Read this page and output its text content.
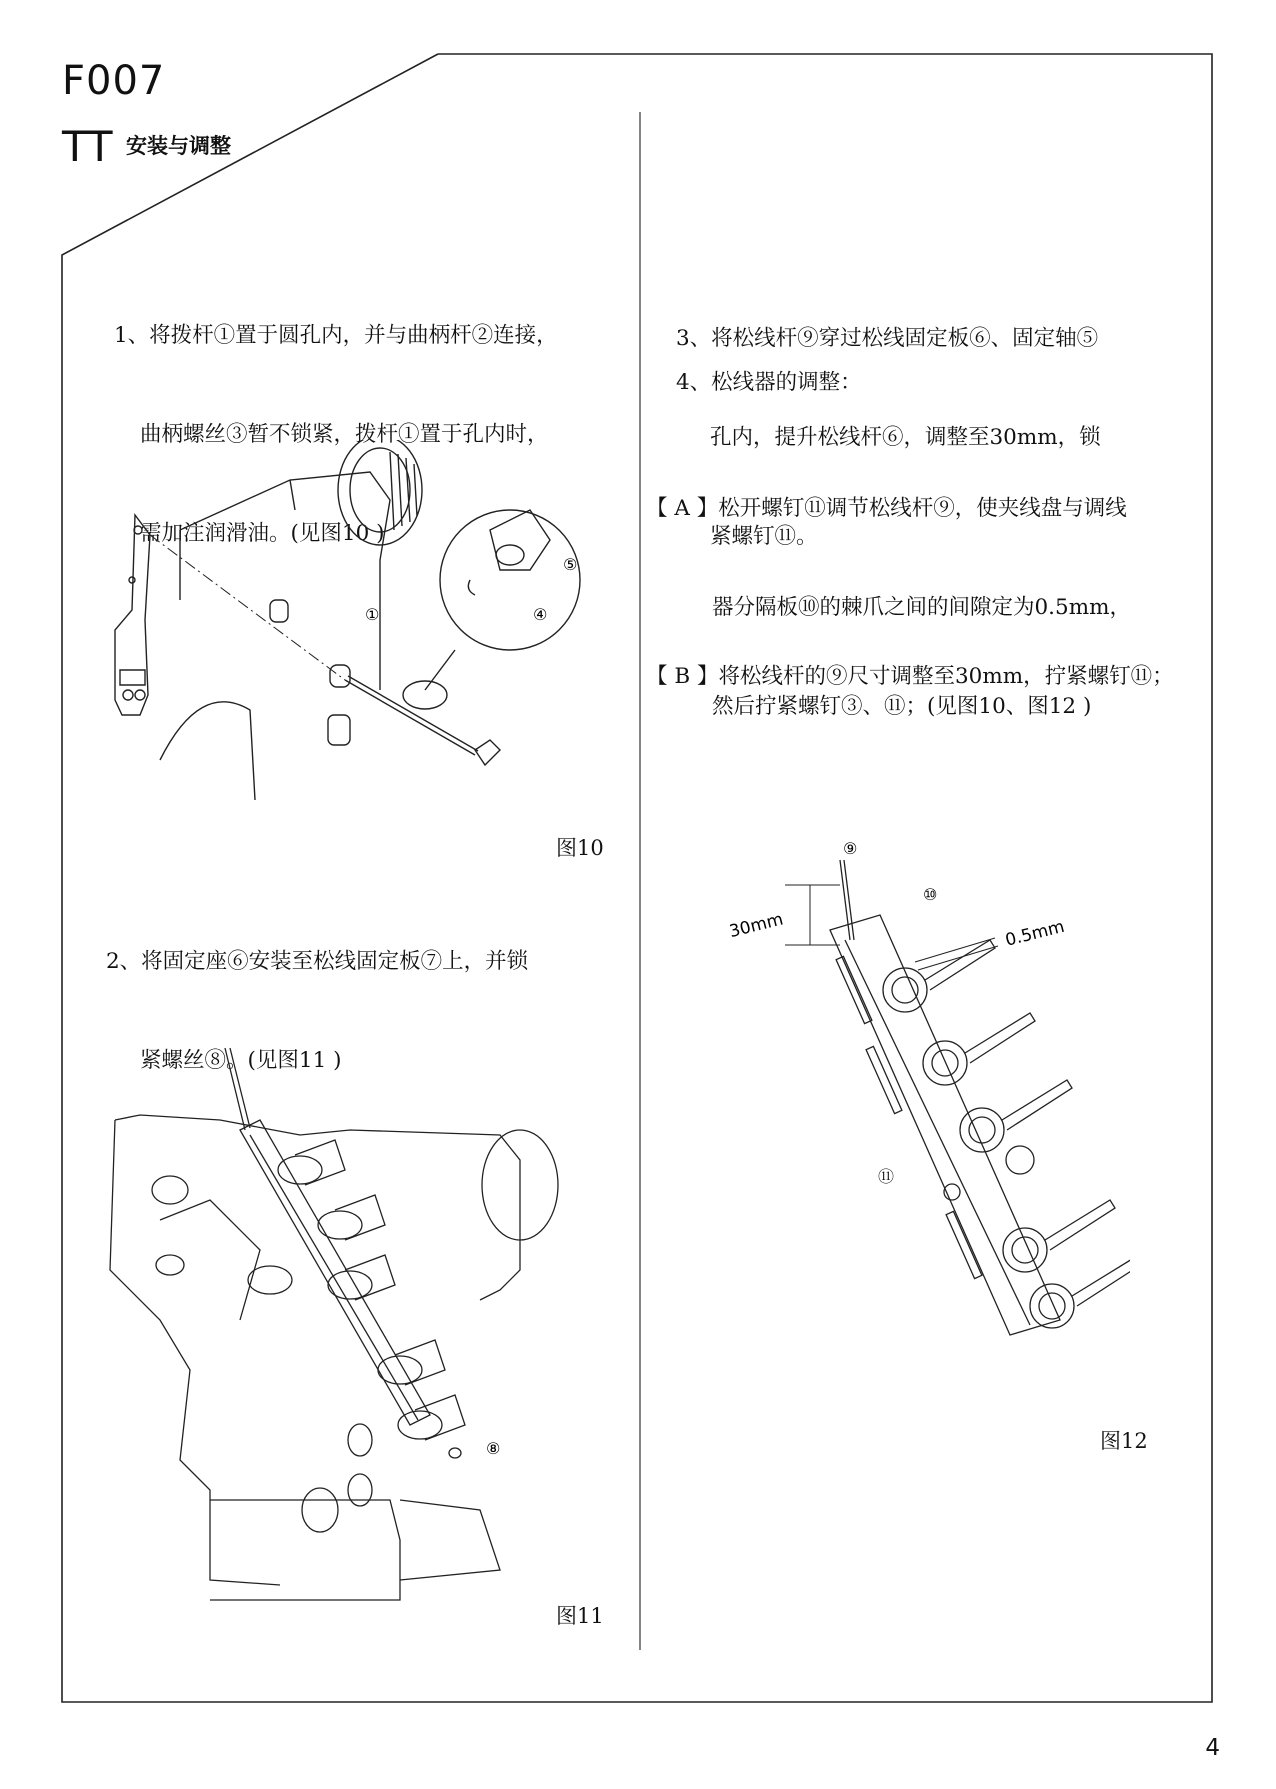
F007
TT 安装与调整

1、将拨杆①置于圆孔内，并与曲柄杆②连接，

曲柄螺丝③暂不锁紧，拨杆①置于孔内时，

需加注润滑油。(见图10 )

①
⑤
④
图10

2、将固定座⑥安装至松线固定板⑦上，并锁

紧螺丝⑧。(见图11 )

⑧
图11

3、将松线杆⑨穿过松线固定板⑥、固定轴⑤

孔内，提升松线杆⑥，调整至30mm，锁

紧螺钉⑪。

4、松线器的调整：

【 A 】松开螺钉⑪调节松线杆⑨，使夹线盘与调线

器分隔板⑩的棘爪之间的间隙定为0.5mm，

然后拧紧螺钉③、⑪；(见图10、图12 )

【 B 】将松线杆的⑨尺寸调整至30mm，拧紧螺钉⑪；
⑨
⑩
30mm	0.5mm
⑪
图12
4
